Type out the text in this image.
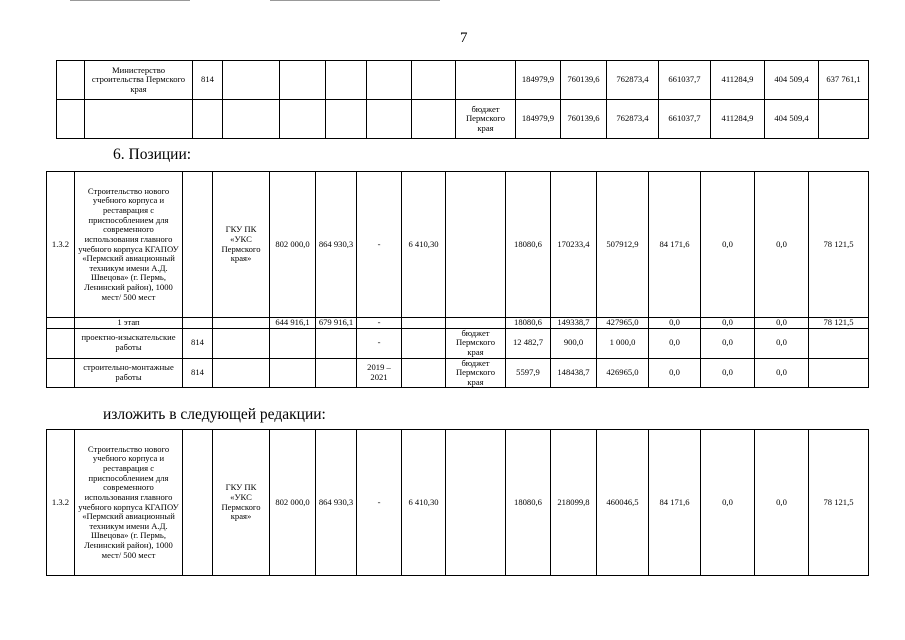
7
	Министерство строительства Пермского края	814							184979,9	760139,6	762873,4	661037,7	411284,9	404 509,4	637 761,1
								бюджет Пермского края	184979,9	760139,6	762873,4	661037,7	411284,9	404 509,4	
6. Позиции:
1.3.2	Строительство нового учебного корпуса и реставрация с приспособлением для современного использования главного учебного корпуса КГАПОУ «Пермский авиационный техникум имени А.Д. Швецова» (г. Пермь, Ленинский район), 1000 мест/ 500 мест		ГКУ ПК «УКС Пермского края»	802 000,0	864 930,3	-	6 410,30		18080,6	170233,4	507912,9	84 171,6	0,0	0,0	78 121,5
	1 этап			644 916,1	679 916,1	-			18080,6	149338,7	427965,0	0,0	0,0	0,0	78 121,5
	проектно-изыскательские работы	814				-		бюджет Пермского края	12 482,7	900,0	1 000,0	0,0	0,0	0,0	
	строительно-монтажные работы	814				2019 – 2021		бюджет Пермского края	5597,9	148438,7	426965,0	0,0	0,0	0,0	
изложить в следующей редакции:
1.3.2	Строительство нового учебного корпуса и реставрация с приспособлением для современного использования главного учебного корпуса КГАПОУ «Пермский авиационный техникум имени А.Д. Швецова» (г. Пермь, Ленинский район), 1000 мест/ 500 мест		ГКУ ПК «УКС Пермского края»	802 000,0	864 930,3	-	6 410,30		18080,6	218099,8	460046,5	84 171,6	0,0	0,0	78 121,5
